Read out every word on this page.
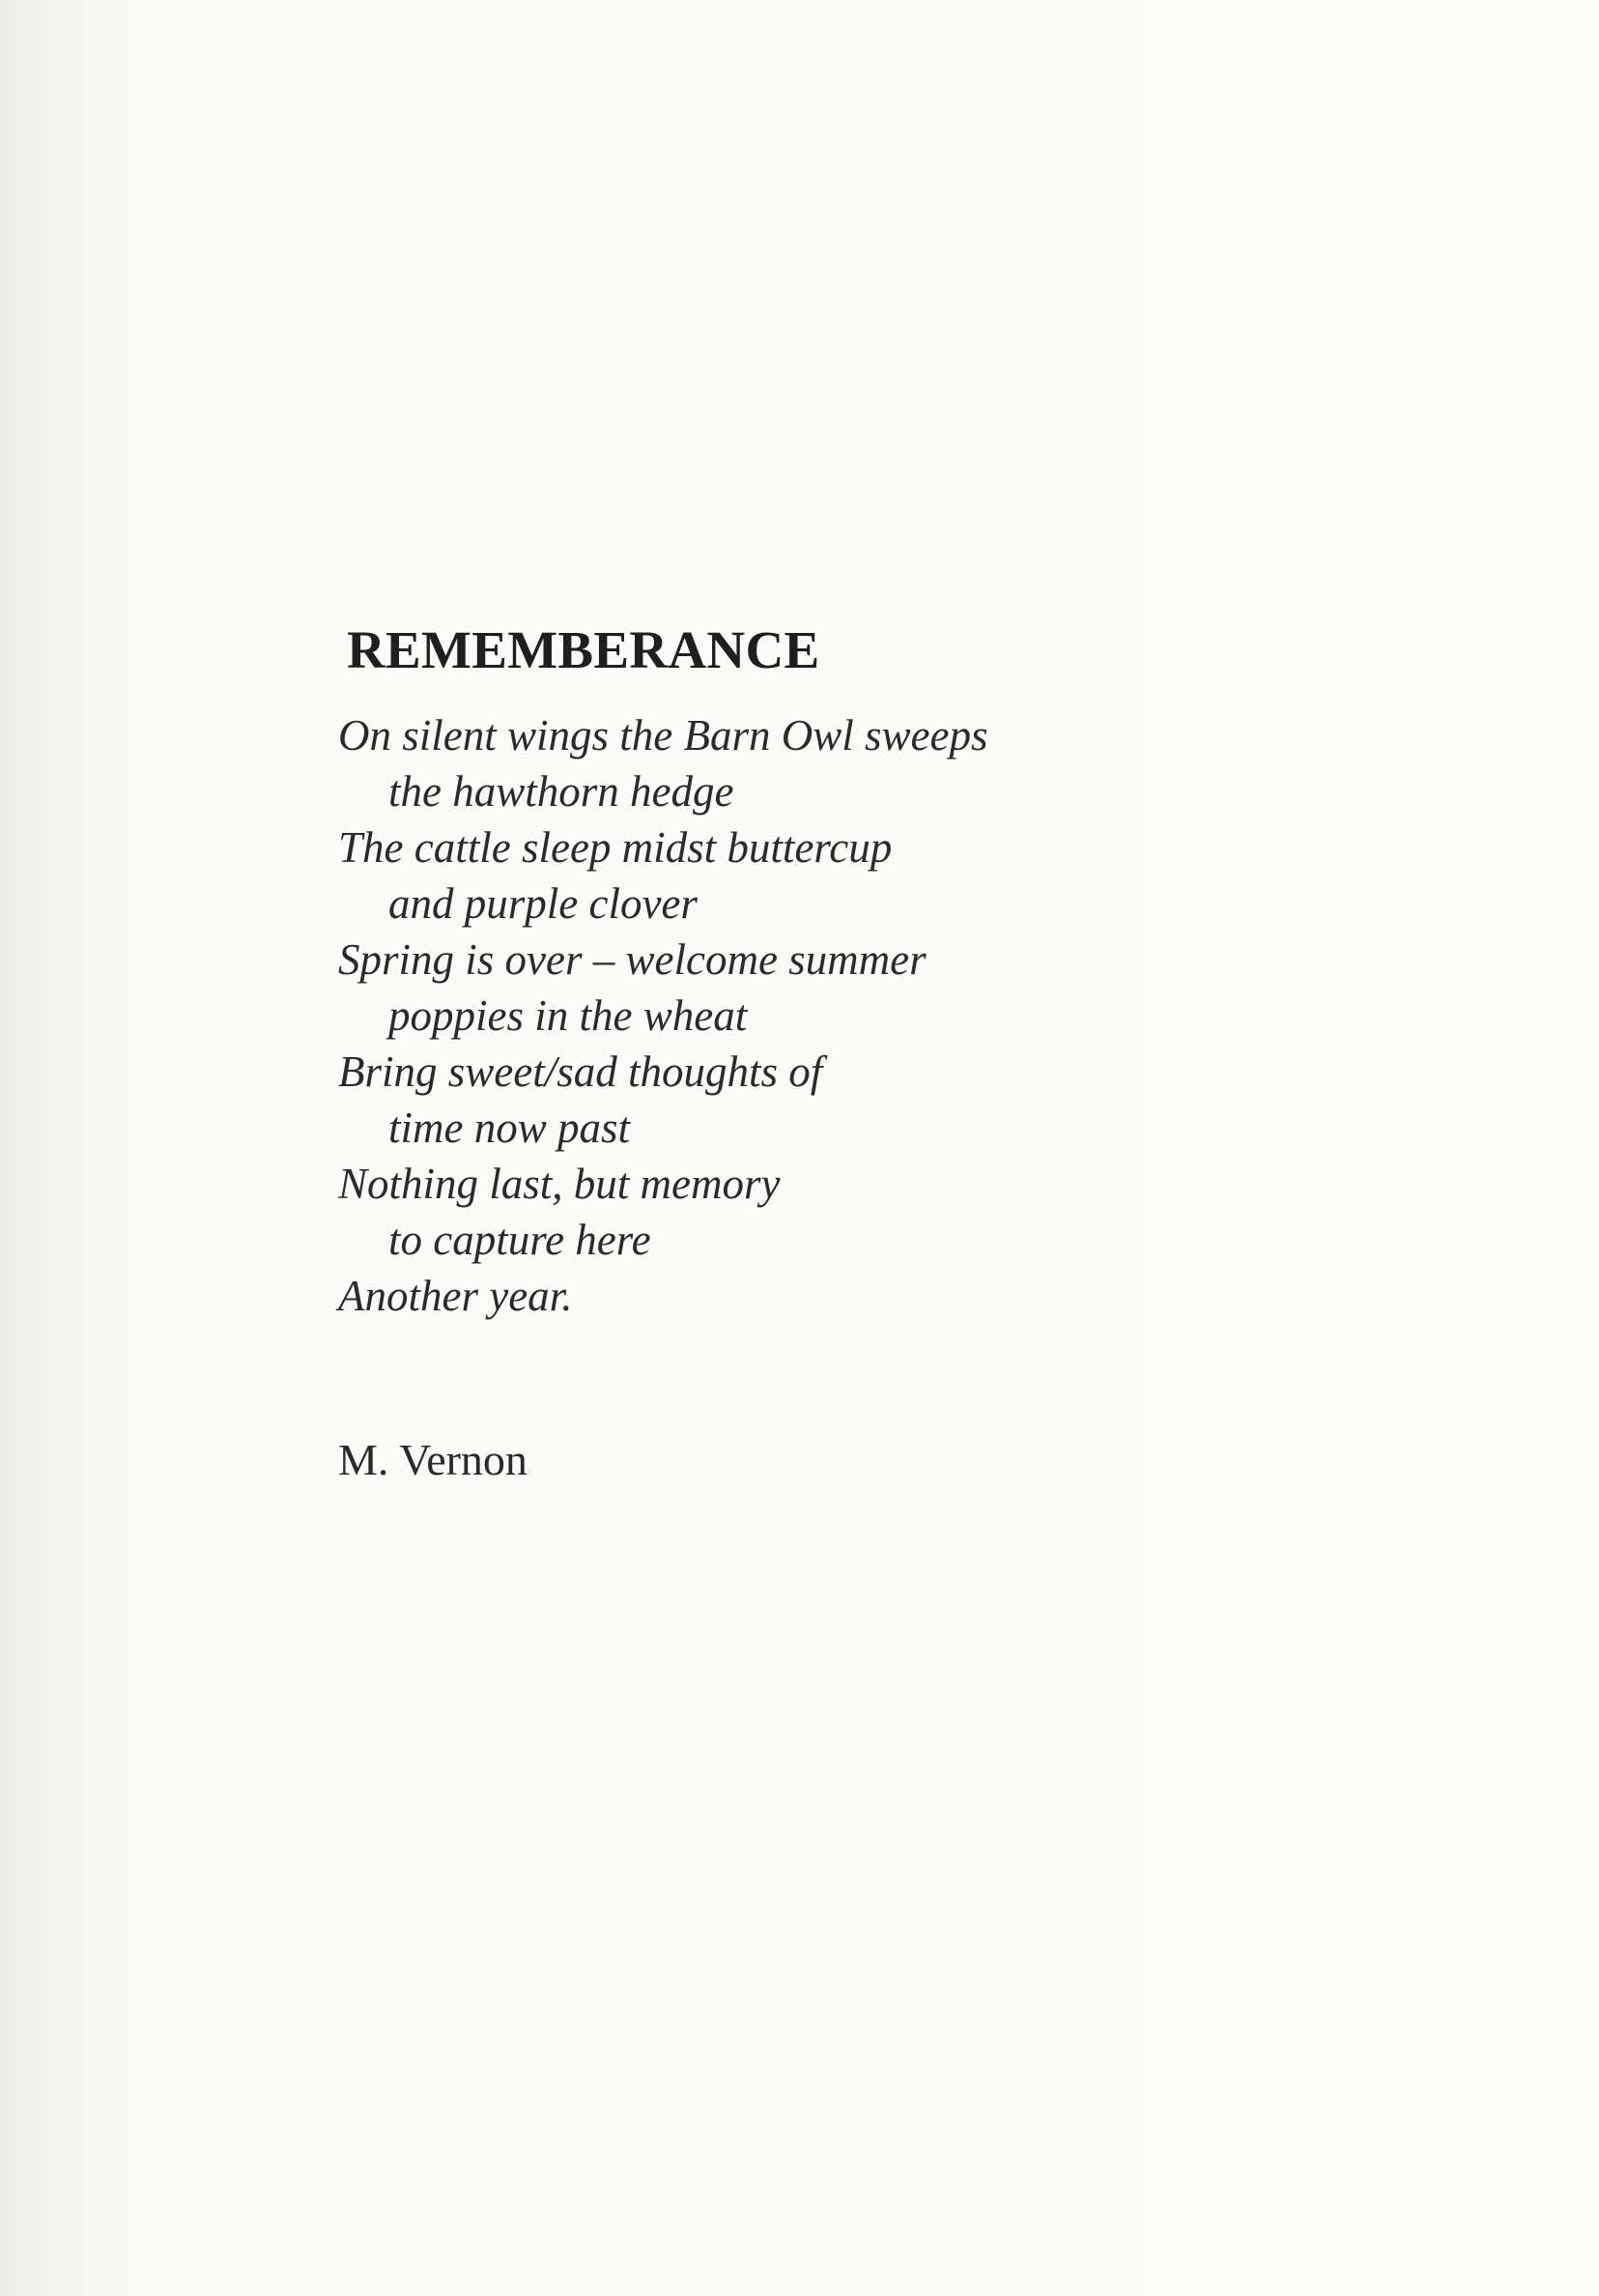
REMEMBERANCE
On silent wings the Barn Owl sweeps
the hawthorn hedge
The cattle sleep midst buttercup
and purple clover
Spring is over – welcome summer
poppies in the wheat
Bring sweet/sad thoughts of
time now past
Nothing last, but memory
to capture here
Another year.
M. Vernon
